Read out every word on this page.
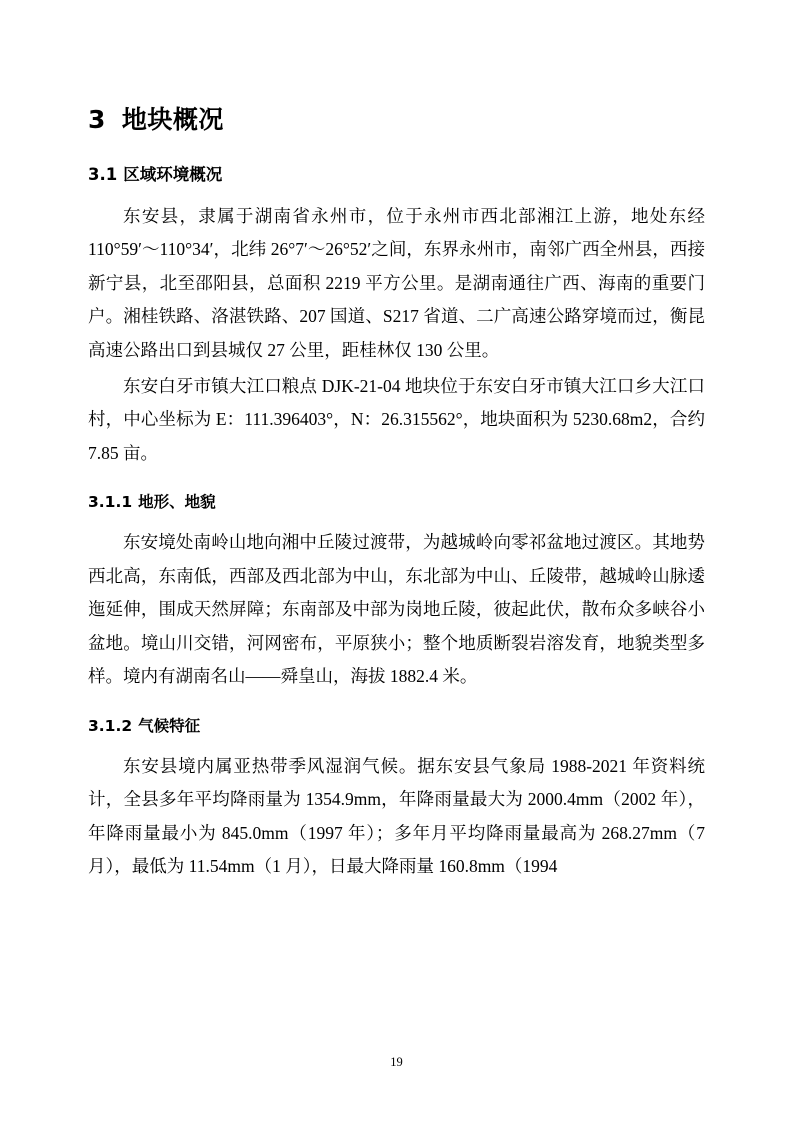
3 地块概况
3.1 区域环境概况

东安县，隶属于湖南省永州市，位于永州市西北部湘江上游，地处东经 110°59′～110°34′，北纬 26°7′～26°52′之间，东界永州市，南邻广西全州县，西接新宁县，北至邵阳县，总面积 2219 平方公里。是湖南通往广西、海南的重要门户。湘桂铁路、洛湛铁路、207 国道、S217 省道、二广高速公路穿境而过，衡昆高速公路出口到县城仅 27 公里，距桂林仅 130 公里。

东安白牙市镇大江口粮点 DJK-21-04 地块位于东安白牙市镇大江口乡大江口村，中心坐标为 E：111.396403°，N：26.315562°，地块面积为 5230.68m2，合约 7.85 亩。

3.1.1 地形、地貌

东安境处南岭山地向湘中丘陵过渡带，为越城岭向零祁盆地过渡区。其地势西北高，东南低，西部及西北部为中山，东北部为中山、丘陵带，越城岭山脉逶迤延伸，围成天然屏障；东南部及中部为岗地丘陵，彼起此伏，散布众多峡谷小盆地。境山川交错，河网密布，平原狭小；整个地质断裂岩溶发育，地貌类型多样。境内有湖南名山——舜皇山，海拔 1882.4 米。

3.1.2 气候特征

东安县境内属亚热带季风湿润气候。据东安县气象局 1988-2021 年资料统计，全县多年平均降雨量为 1354.9mm，年降雨量最大为 2000.4mm（2002 年），年降雨量最小为 845.0mm（1997 年）；多年月平均降雨量最高为 268.27mm（7 月），最低为 11.54mm（1 月），日最大降雨量 160.8mm（1994

19
